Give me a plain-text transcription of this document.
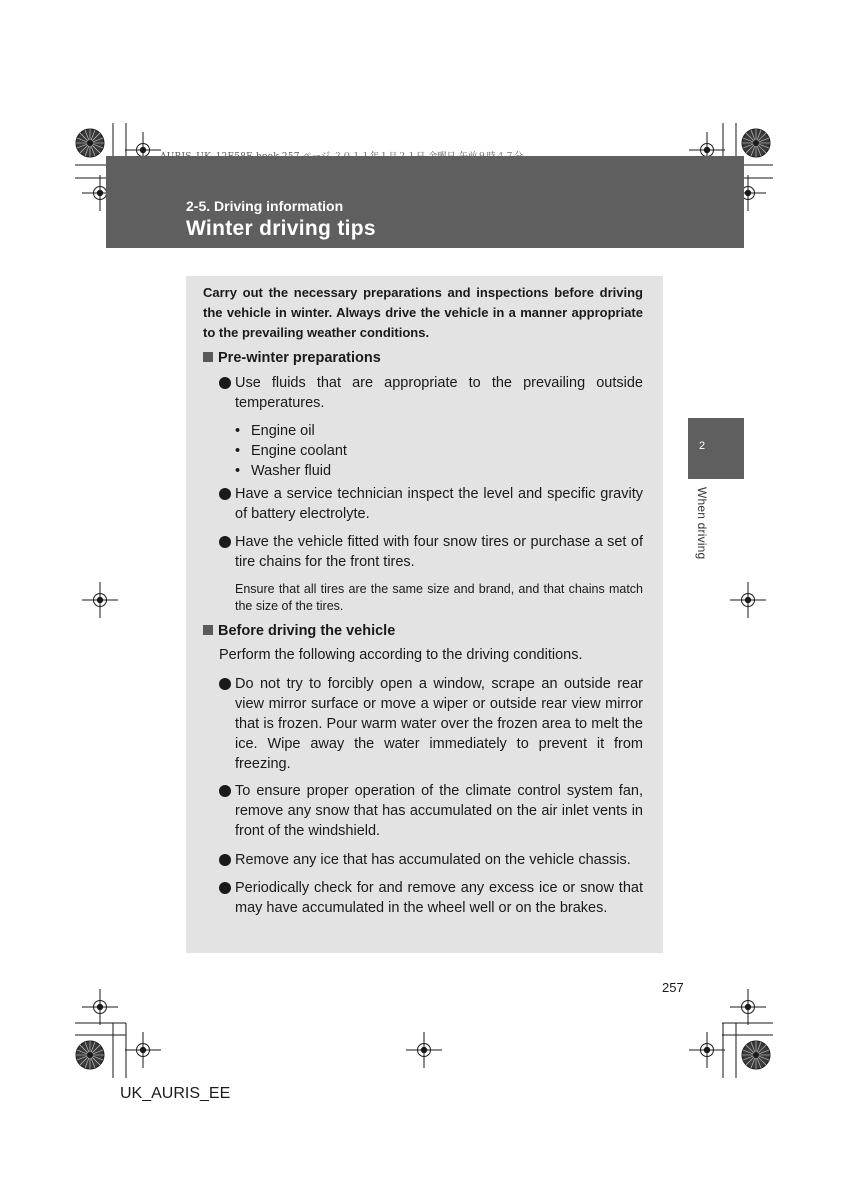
2-5. Driving information
Winter driving tips
2
When driving
Carry out the necessary preparations and inspections before driving the vehicle in winter. Always drive the vehicle in a manner appropriate to the prevailing weather conditions.
Pre-winter preparations
Use fluids that are appropriate to the prevailing outside temperatures.
• Engine oil
• Engine coolant
• Washer fluid
Have a service technician inspect the level and specific gravity of battery electrolyte.
Have the vehicle fitted with four snow tires or purchase a set of tire chains for the front tires.
Ensure that all tires are the same size and brand, and that chains match the size of the tires.
Before driving the vehicle
Perform the following according to the driving conditions.
Do not try to forcibly open a window, scrape an outside rear view mirror surface or move a wiper or outside rear view mirror that is frozen. Pour warm water over the frozen area to melt the ice. Wipe away the water immediately to prevent it from freezing.
To ensure proper operation of the climate control system fan, remove any snow that has accumulated on the air inlet vents in front of the windshield.
Remove any ice that has accumulated on the vehicle chassis.
Periodically check for and remove any excess ice or snow that may have accumulated in the wheel well or on the brakes.
257
UK_AURIS_EE
